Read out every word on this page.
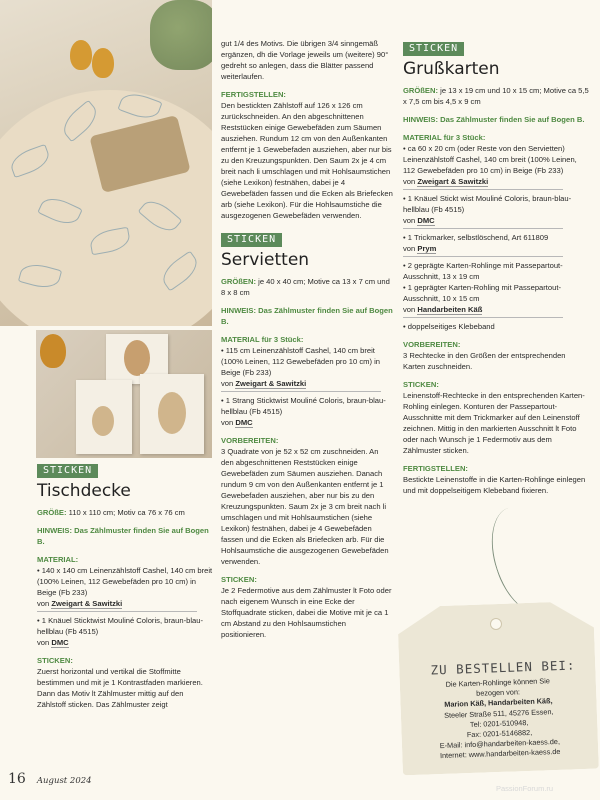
STICKEN
Tischdecke

GRÖßE: 110 x 110 cm; Motiv ca 76 x 76 cm

HINWEIS: Das Zählmuster finden Sie auf Bogen B.

MATERIAL:

• 140 x 140 cm Leinenzählstoff Cashel, 140 cm breit (100% Leinen, 112 Gewebefäden pro 10 cm) in Beige (Fb 233)
von Zweigart & Sawitzki
• 1 Knäuel Sticktwist Mouliné Coloris, braun-blau-hellblau (Fb 4515)
von DMC

STICKEN:

Zuerst horizontal und vertikal die Stoffmitte bestimmen und mit je 1 Kontrastfaden markieren. Dann das Motiv lt Zählmuster mittig auf den Zählstoff sticken. Das Zählmuster zeigt

gut 1/4 des Motivs. Die übrigen 3/4 sinngemäß ergänzen, dh die Vorlage jeweils um (weitere) 90° gedreht so anlegen, dass die Blätter passend weiterlaufen.

FERTIGSTELLEN:

Den bestickten Zählstoff auf 126 x 126 cm zurückschneiden. An den abgeschnittenen Reststücken einige Gewebefäden zum Säumen ausziehen. Rundum 12 cm von den Außenkanten entfernt je 1 Gewebefaden ausziehen, aber nur bis zu den Kreuzungspunkten. Den Saum 2x je 4 cm breit nach li umschlagen und mit Hohlsaumstichen (siehe Lexikon) festnähen, dabei je 4 Gewebefäden fassen und die Ecken als Briefecken arb (siehe Lexikon). Für die Hohlsaumstiche die ausgezogenen Gewebefäden verwenden.

STICKEN
Servietten

GRÖßEN: je 40 x 40 cm; Motive ca 13 x 7 cm und 8 x 8 cm

HINWEIS: Das Zählmuster finden Sie auf Bogen B.

MATERIAL für 3 Stück:

• 115 cm Leinenzählstoff Cashel, 140 cm breit (100% Leinen, 112 Gewebefäden pro 10 cm) in Beige (Fb 233)
von Zweigart & Sawitzki
• 1 Strang Sticktwist Mouliné Coloris, braun-blau-hellblau (Fb 4515)
von DMC

VORBEREITEN:

3 Quadrate von je 52 x 52 cm zuschneiden. An den abgeschnittenen Reststücken einige Gewebefäden zum Säumen ausziehen. Danach rundum 9 cm von den Außenkanten entfernt je 1 Gewebefaden ausziehen, aber nur bis zu den Kreuzungspunkten. Saum 2x je 3 cm breit nach li umschlagen und mit Hohlsaumstichen (siehe Lexikon) festnähen, dabei je 4 Gewebefäden fassen und die Ecken als Briefecken arb. Für die Hohlsaumstiche die ausgezogenen Gewebefäden verwenden.

STICKEN:

Je 2 Federmotive aus dem Zählmuster lt Foto oder nach eigenem Wunsch in eine Ecke der Stoffquadrate sticken, dabei die Motive mit je ca 1 cm Abstand zu den Hohlsaumstichen positionieren.

STICKEN
Grußkarten

GRÖßEN: je 13 x 19 cm und 10 x 15 cm; Motive ca 5,5 x 7,5 cm bis 4,5 x 9 cm

HINWEIS: Das Zählmuster finden Sie auf Bogen B.

MATERIAL für 3 Stück:

• ca 60 x 20 cm (oder Reste von den Servietten) Leinenzählstoff Cashel, 140 cm breit (100% Leinen, 112 Gewebefäden pro 10 cm) in Beige (Fb 233)
von Zweigart & Sawitzki
• 1 Knäuel Stickt wist Mouliné Coloris, braun-blau-hellblau (Fb 4515)
von DMC
• 1 Trickmarker, selbstlöschend, Art 611809
von Prym
• 2 geprägte Karten-Rohlinge mit Passepartout-Ausschnitt, 13 x 19 cm
• 1 geprägter Karten-Rohling mit Passepartout-Ausschnitt, 10 x 15 cm
von Handarbeiten Käß
• doppelseitiges Klebeband

VORBEREITEN:

3 Rechtecke in den Größen der entsprechenden Karten zuschneiden.

STICKEN:

Leinenstoff-Rechtecke in den entsprechenden Karten-Rohling einlegen. Konturen der Passepartout-Ausschnitte mit dem Trickmarker auf den Leinenstoff zeichnen. Mittig in den markierten Ausschnitt lt Foto oder nach Wunsch je 1 Federmotiv aus dem Zählmuster sticken.

FERTIGSTELLEN:

Bestickte Leinenstoffe in die Karten-Rohlinge einlegen und mit doppelseitigem Klebeband fixieren.

ZU BESTELLEN BEI:
Die Karten-Rohlinge können Sie
bezogen von:
Marion Käß, Handarbeiten Käß,
Steeler Straße 511, 45276 Essen,
Tel: 0201-510948,
Fax: 0201-5146882,
E-Mail: info@handarbeiten-kaess.de,
Internet: www.handarbeiten-kaess.de
16 August 2024
PassionForum.ru
